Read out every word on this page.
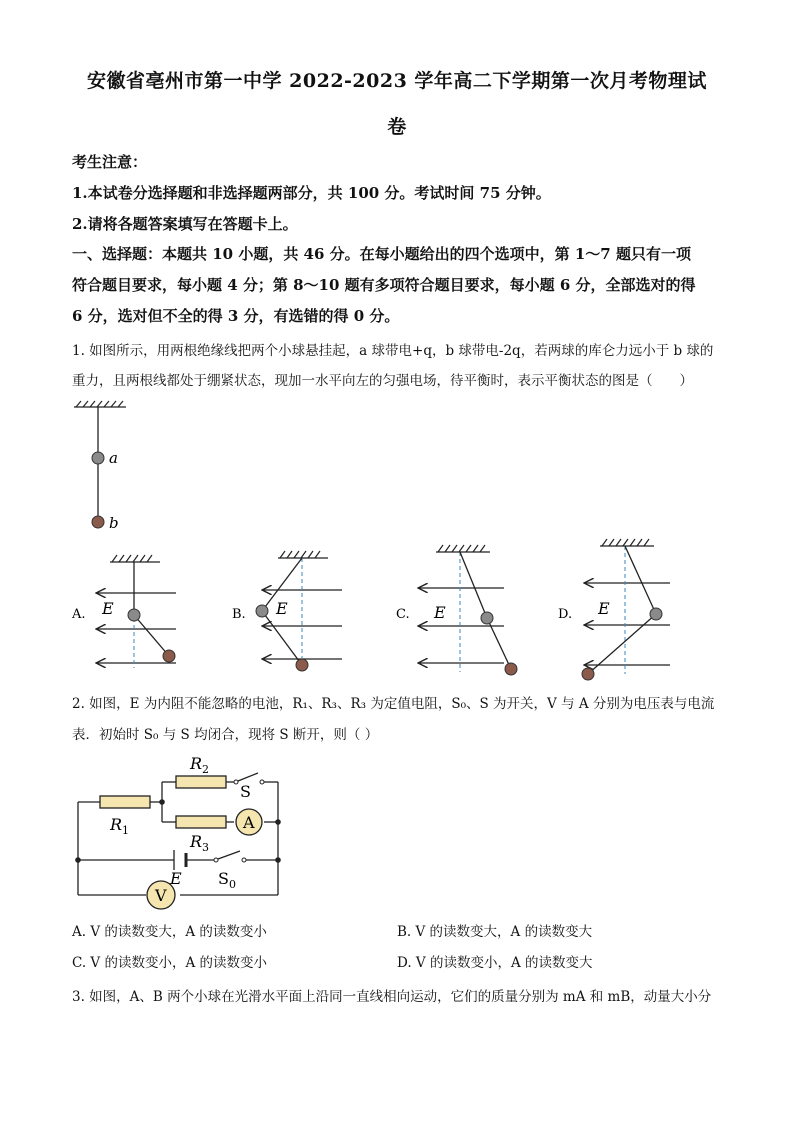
安徽省亳州市第一中学 2022-2023 学年高二下学期第一次月考物理试
卷
考生注意：
1.本试卷分选择题和非选择题两部分，共 100 分。考试时间 75 分钟。
2.请将各题答案填写在答题卡上。
一、选择题：本题共 10 小题，共 46 分。在每小题给出的四个选项中，第 1～7 题只有一项
符合题目要求，每小题 4 分；第 8～10 题有多项符合题目要求，每小题 6 分，全部选对的得
6 分，选对但不全的得 3 分，有选错的得 0 分。
1. 如图所示，用两根绝缘线把两个小球悬挂起，a 球带电+q，b 球带电-2q，若两球的库仑力远小于 b 球的
重力，且两根线都处于绷紧状态，现加一水平向左的匀强电场，待平衡时，表示平衡状态的图是（　　）
a
b
A. E	B. E	C. E	D. E
2. 如图，E 为内阻不能忽略的电池，R₁、R₃、R₃ 为定值电阻，S₀、S 为开关，V 与 A 分别为电压表与电流
表．初始时 S₀ 与 S 均闭合，现将 S 断开，则（ ）
A
V
$R_2$
S
$R_1$
$R_3$
E $S_0$
A. V 的读数变大，A 的读数变小	B. V 的读数变大，A 的读数变大
C. V 的读数变小，A 的读数变小	D. V 的读数变小，A 的读数变大
3. 如图，A、B 两个小球在光滑水平面上沿同一直线相向运动，它们的质量分别为 mA 和 mB，动量大小分
